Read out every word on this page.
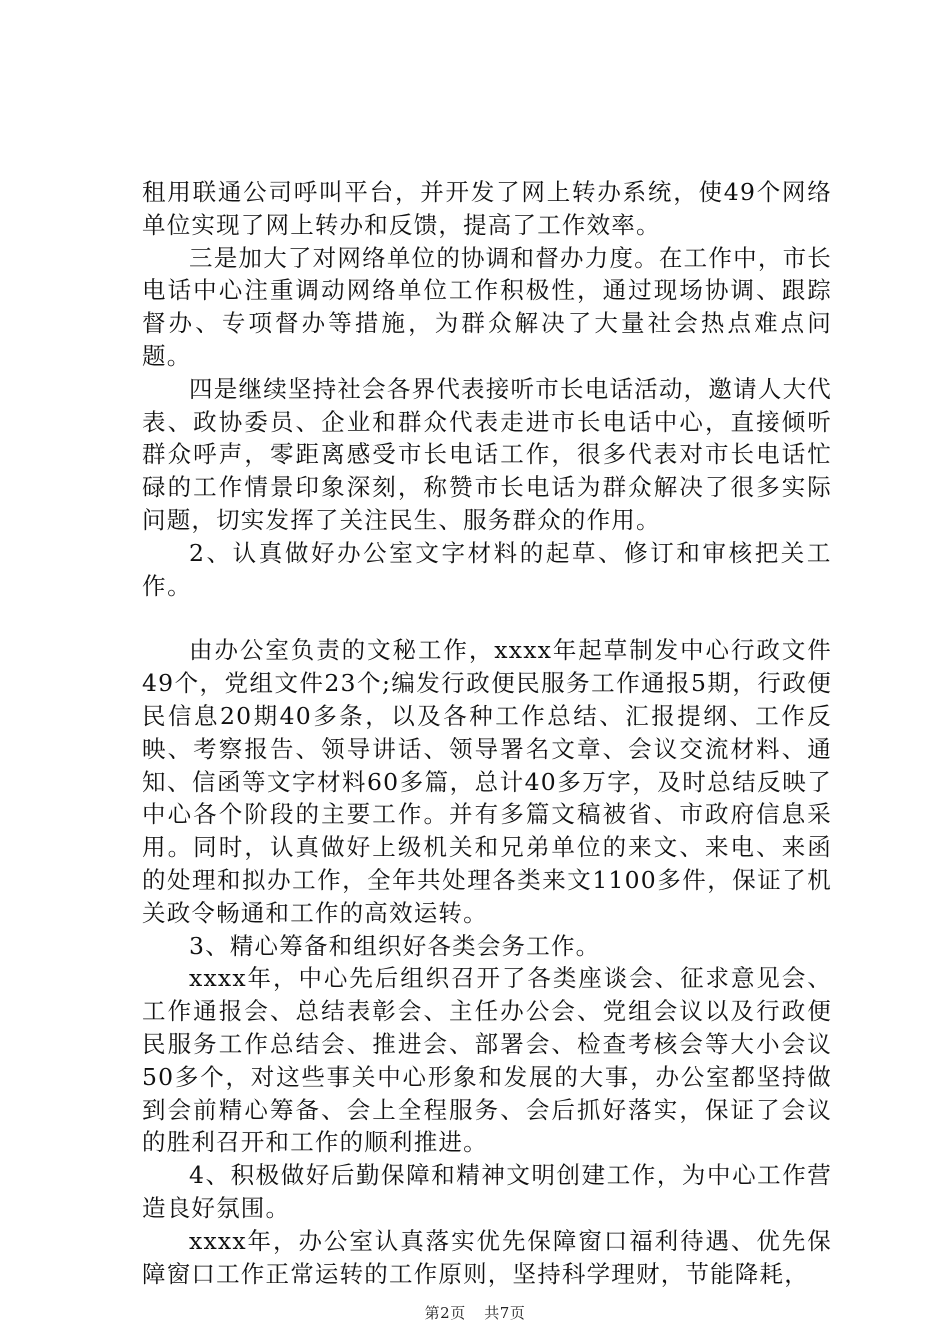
租用联通公司呼叫平台，并开发了网上转办系统，使49个网络单位实现了网上转办和反馈，提高了工作效率。

三是加大了对网络单位的协调和督办力度。在工作中，市长电话中心注重调动网络单位工作积极性，通过现场协调、跟踪督办、专项督办等措施，为群众解决了大量社会热点难点问题。

四是继续坚持社会各界代表接听市长电话活动，邀请人大代表、政协委员、企业和群众代表走进市长电话中心，直接倾听群众呼声，零距离感受市长电话工作，很多代表对市长电话忙碌的工作情景印象深刻，称赞市长电话为群众解决了很多实际问题，切实发挥了关注民生、服务群众的作用。

2、认真做好办公室文字材料的起草、修订和审核把关工作。

由办公室负责的文秘工作，xxxx年起草制发中心行政文件49个，党组文件23个;编发行政便民服务工作通报5期，行政便民信息20期40多条，以及各种工作总结、汇报提纲、工作反映、考察报告、领导讲话、领导署名文章、会议交流材料、通知、信函等文字材料60多篇，总计40多万字，及时总结反映了中心各个阶段的主要工作。并有多篇文稿被省、市政府信息采用。同时，认真做好上级机关和兄弟单位的来文、来电、来函的处理和拟办工作，全年共处理各类来文1100多件，保证了机关政令畅通和工作的高效运转。

3、精心筹备和组织好各类会务工作。

xxxx年，中心先后组织召开了各类座谈会、征求意见会、工作通报会、总结表彰会、主任办公会、党组会议以及行政便民服务工作总结会、推进会、部署会、检查考核会等大小会议50多个，对这些事关中心形象和发展的大事，办公室都坚持做到会前精心筹备、会上全程服务、会后抓好落实，保证了会议的胜利召开和工作的顺利推进。

4、积极做好后勤保障和精神文明创建工作，为中心工作营造良好氛围。

xxxx年，办公室认真落实优先保障窗口福利待遇、优先保障窗口工作正常运转的工作原则，坚持科学理财，节能降耗，

第2页 共7页
